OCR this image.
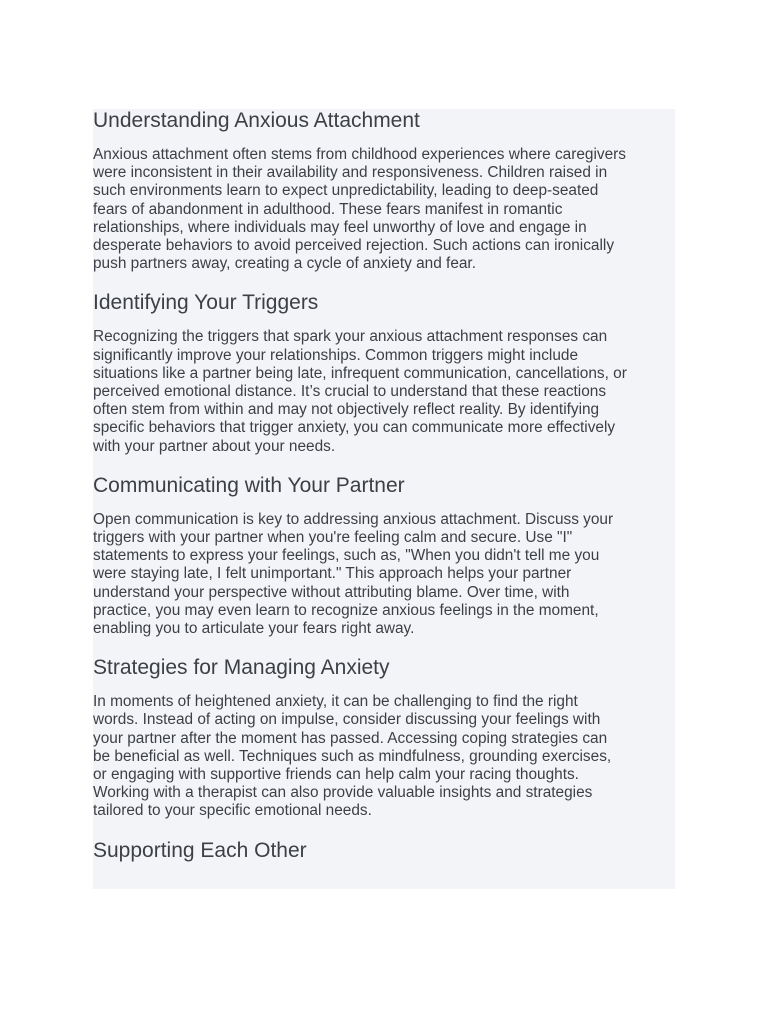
Understanding Anxious Attachment

Anxious attachment often stems from childhood experiences where caregivers
were inconsistent in their availability and responsiveness. Children raised in
such environments learn to expect unpredictability, leading to deep-seated
fears of abandonment in adulthood. These fears manifest in romantic
relationships, where individuals may feel unworthy of love and engage in
desperate behaviors to avoid perceived rejection. Such actions can ironically
push partners away, creating a cycle of anxiety and fear.

Identifying Your Triggers

Recognizing the triggers that spark your anxious attachment responses can
significantly improve your relationships. Common triggers might include
situations like a partner being late, infrequent communication, cancellations, or
perceived emotional distance. It’s crucial to understand that these reactions
often stem from within and may not objectively reflect reality. By identifying
specific behaviors that trigger anxiety, you can communicate more effectively
with your partner about your needs.

Communicating with Your Partner

Open communication is key to addressing anxious attachment. Discuss your
triggers with your partner when you're feeling calm and secure. Use "I"
statements to express your feelings, such as, "When you didn't tell me you
were staying late, I felt unimportant." This approach helps your partner
understand your perspective without attributing blame. Over time, with
practice, you may even learn to recognize anxious feelings in the moment,
enabling you to articulate your fears right away.

Strategies for Managing Anxiety

In moments of heightened anxiety, it can be challenging to find the right
words. Instead of acting on impulse, consider discussing your feelings with
your partner after the moment has passed. Accessing coping strategies can
be beneficial as well. Techniques such as mindfulness, grounding exercises,
or engaging with supportive friends can help calm your racing thoughts.
Working with a therapist can also provide valuable insights and strategies
tailored to your specific emotional needs.

Supporting Each Other
